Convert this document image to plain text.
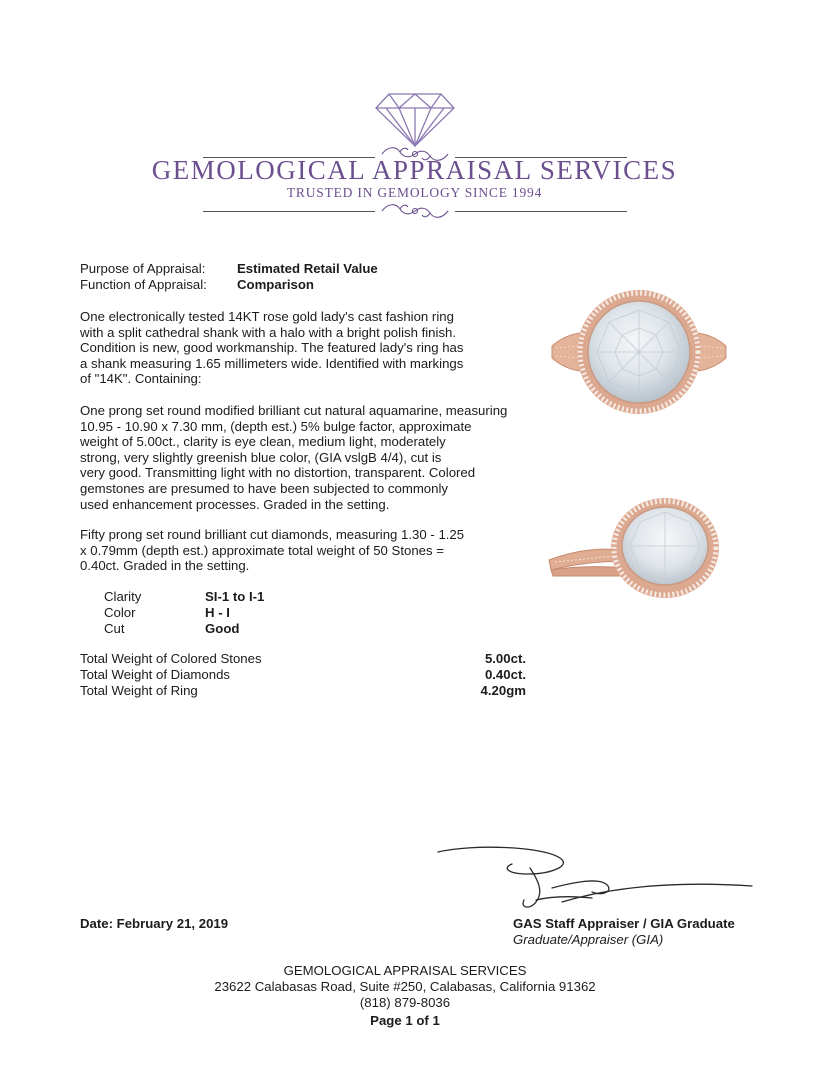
GEMOLOGICAL APPRAISAL SERVICES
TRUSTED IN GEMOLOGY SINCE 1994
Purpose of Appraisal: Estimated Retail Value
Function of Appraisal: Comparison
One electronically tested 14KT rose gold lady's cast fashion ring
with a split cathedral shank with a halo with a bright polish finish.
Condition is new, good workmanship. The featured lady's ring has
a shank measuring 1.65 millimeters wide. Identified with markings
of "14K". Containing:
One prong set round modified brilliant cut natural aquamarine, measuring
10.95 - 10.90 x 7.30 mm, (depth est.) 5% bulge factor, approximate
weight of 5.00ct., clarity is eye clean, medium light, moderately
strong, very slightly greenish blue color, (GIA vslgB 4/4), cut is
very good. Transmitting light with no distortion, transparent. Colored
gemstones are presumed to have been subjected to commonly
used enhancement processes. Graded in the setting.
Fifty prong set round brilliant cut diamonds, measuring 1.30 - 1.25
x 0.79mm (depth est.) approximate total weight of 50 Stones =
0.40ct. Graded in the setting.
Clarity	SI-1 to I-1
Color	H - I
Cut	Good
Total Weight of Colored Stones	5.00ct.
Total Weight of Diamonds	0.40ct.
Total Weight of Ring	4.20gm
Date: February 21, 2019	GAS Staff Appraiser / GIA Graduate
Graduate/Appraiser (GIA)
GEMOLOGICAL APPRAISAL SERVICES
23622 Calabasas Road, Suite #250, Calabasas, California 91362
(818) 879-8036
Page 1 of 1
